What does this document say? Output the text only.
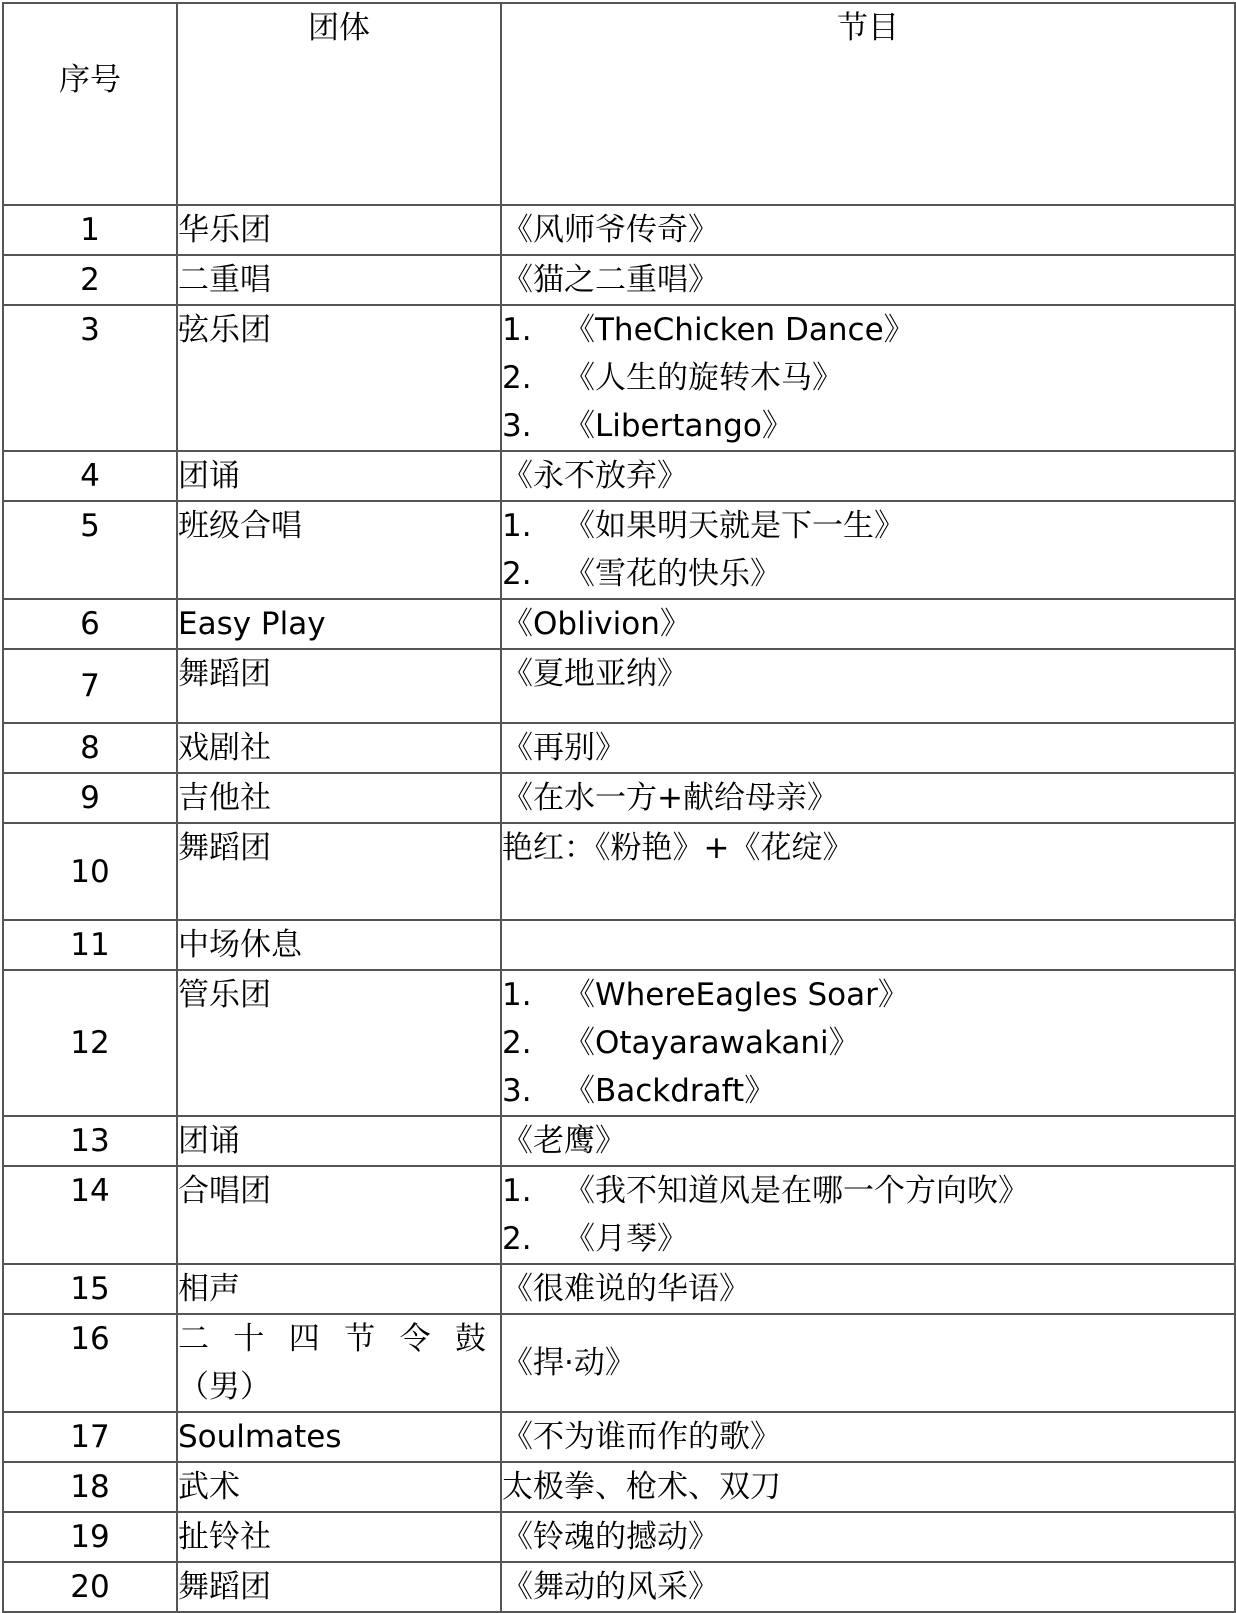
序号	团体	节目
1	华乐团	《风师爷传奇》

2	二重唱	《猫之二重唱》

3	弦乐团	1. 《TheChicken Dance》
2. 《人生的旋转木马》
3. 《Libertango》

4	团诵	《永不放弃》

5	班级合唱	1. 《如果明天就是下一生》
2. 《雪花的快乐》

6	Easy Play	《Oblivion》

7	舞蹈团	《夏地亚纳》

8	戏剧社	《再别》

9	吉他社	《在水一方+献给母亲》

10	舞蹈团	艳红：《粉艳》+《花绽》

11	中场休息	
12	管乐团	1. 《WhereEagles Soar》
2. 《Otayarawakani》
3. 《Backdraft》

13	团诵	《老鹰》

14	合唱团	1. 《我不知道风是在哪一个方向吹》
2. 《月琴》

15	相声	《很难说的华语》

16	二十四节令鼓
（男）	《捍·动》

17	Soulmates	《不为谁而作的歌》

18	武术	太极拳、枪术、双刀

19	扯铃社	《铃魂的撼动》

20	舞蹈团	《舞动的风采》
